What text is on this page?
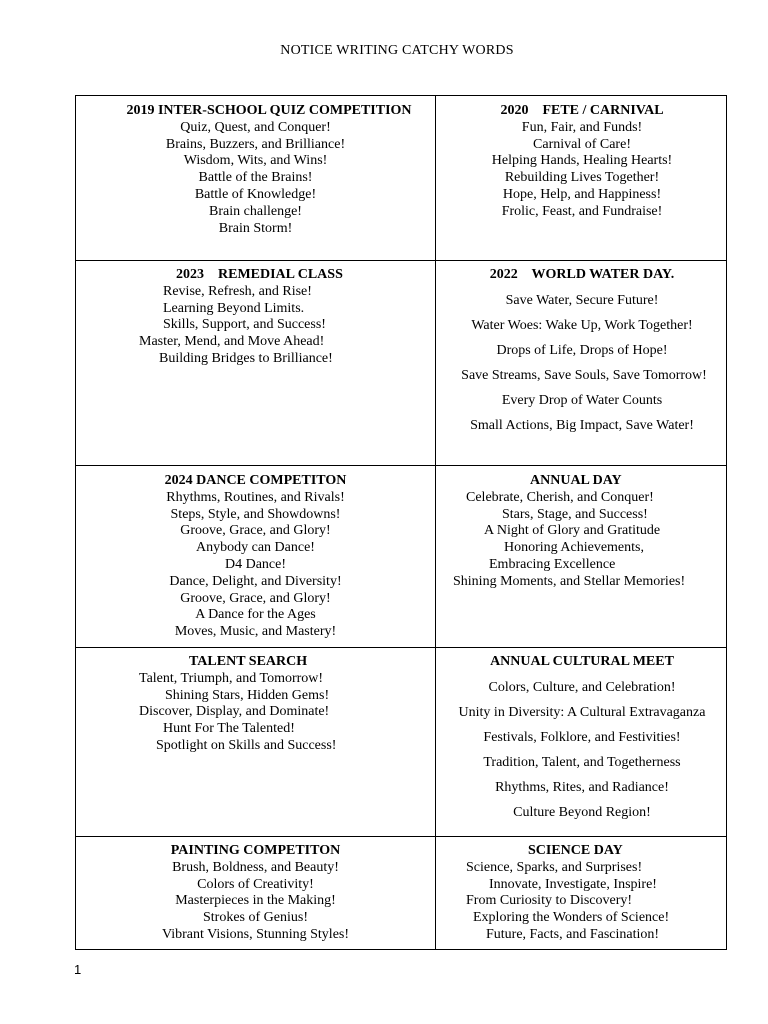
NOTICE WRITING CATCHY WORDS
2019 INTER-SCHOOL QUIZ COMPETITION
Quiz, Quest, and Conquer!
Brains, Buzzers, and Brilliance!
Wisdom, Wits, and Wins!
Battle of the Brains!
Battle of Knowledge!
Brain challenge!
Brain Storm!
2020    FETE / CARNIVAL
Fun, Fair, and Funds!
Carnival of Care!
Helping Hands, Healing Hearts!
Rebuilding Lives Together!
Hope, Help, and Happiness!
Frolic, Feast, and Fundraise!
2023    REMEDIAL CLASS
Revise, Refresh, and Rise!
Learning Beyond Limits.
Skills, Support, and Success!
Master, Mend, and Move Ahead!
Building Bridges to Brilliance!
2022    WORLD WATER DAY.
Save Water, Secure Future!
Water Woes: Wake Up, Work Together!
Drops of Life, Drops of Hope!
Save Streams, Save Souls, Save Tomorrow!
Every Drop of Water Counts
Small Actions, Big Impact, Save Water!
2024 DANCE COMPETITON
Rhythms, Routines, and Rivals!
Steps, Style, and Showdowns!
Groove, Grace, and Glory!
Anybody can Dance!
D4 Dance!
Dance, Delight, and Diversity!
Groove, Grace, and Glory!
A Dance for the Ages
Moves, Music, and Mastery!
ANNUAL DAY
Celebrate, Cherish, and Conquer!
Stars, Stage, and Success!
A Night of Glory and Gratitude
Honoring Achievements,
Embracing Excellence
Shining Moments, and Stellar Memories!
TALENT SEARCH
Talent, Triumph, and Tomorrow!
Shining Stars, Hidden Gems!
Discover, Display, and Dominate!
Hunt For The Talented!
Spotlight on Skills and Success!
ANNUAL CULTURAL MEET
Colors, Culture, and Celebration!
Unity in Diversity: A Cultural Extravaganza
Festivals, Folklore, and Festivities!
Tradition, Talent, and Togetherness
Rhythms, Rites, and Radiance!
Culture Beyond Region!
PAINTING COMPETITON
Brush, Boldness, and Beauty!
Colors of Creativity!
Masterpieces in the Making!
Strokes of Genius!
Vibrant Visions, Stunning Styles!
SCIENCE DAY
Science, Sparks, and Surprises!
Innovate, Investigate, Inspire!
From Curiosity to Discovery!
Exploring the Wonders of Science!
Future, Facts, and Fascination!
1
